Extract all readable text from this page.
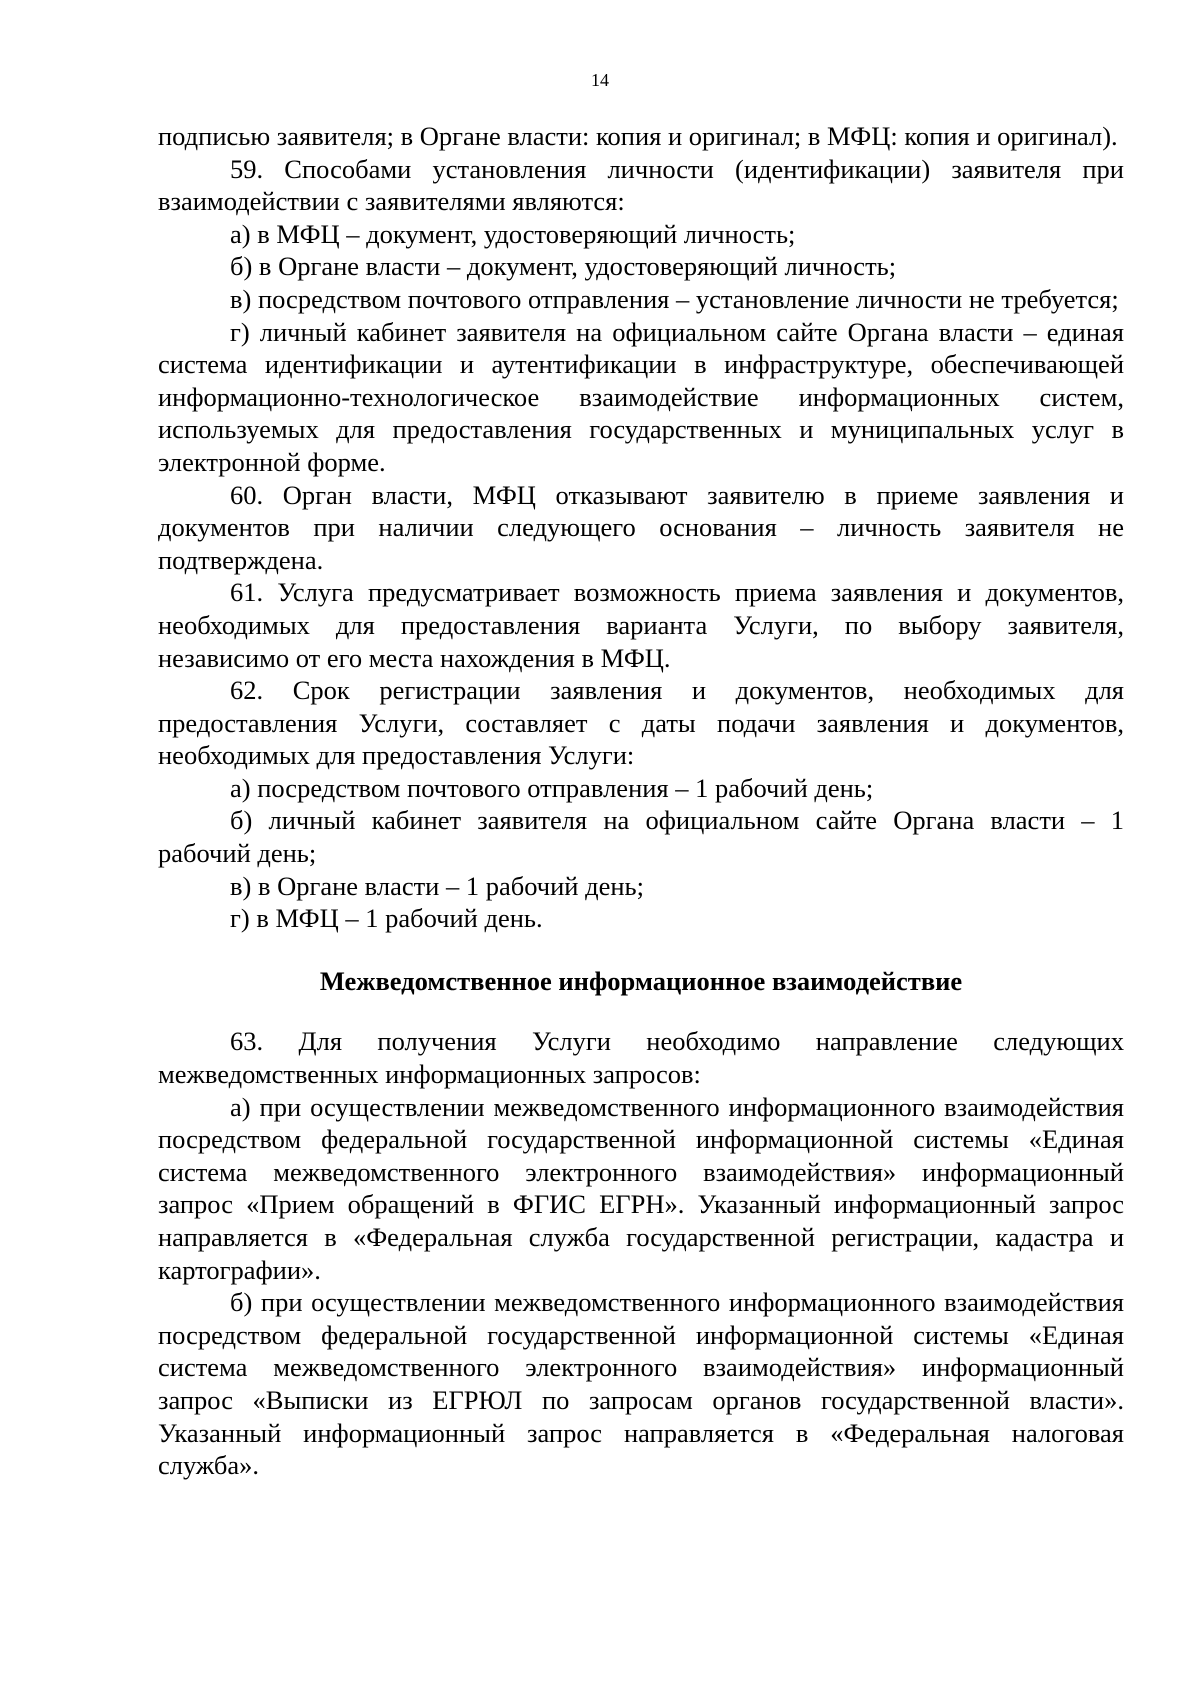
14

подписью заявителя; в Органе власти: копия и оригинал; в МФЦ: копия и оригинал).

59. Способами установления личности (идентификации) заявителя при взаимодействии с заявителями являются:

а) в МФЦ – документ, удостоверяющий личность;

б) в Органе власти – документ, удостоверяющий личность;

в) посредством почтового отправления – установление личности не требуется;

г) личный кабинет заявителя на официальном сайте Органа власти – единая система идентификации и аутентификации в инфраструктуре, обеспечивающей информационно-технологическое взаимодействие информационных систем, используемых для предоставления государственных и муниципальных услуг в электронной форме.

60. Орган власти, МФЦ отказывают заявителю в приеме заявления и документов при наличии следующего основания – личность заявителя не подтверждена.

61. Услуга предусматривает возможность приема заявления и документов, необходимых для предоставления варианта Услуги, по выбору заявителя, независимо от его места нахождения в МФЦ.

62. Срок регистрации заявления и документов, необходимых для предоставления Услуги, составляет с даты подачи заявления и документов, необходимых для предоставления Услуги:

а) посредством почтового отправления – 1 рабочий день;

б) личный кабинет заявителя на официальном сайте Органа власти – 1 рабочий день;

в) в Органе власти – 1 рабочий день;

г) в МФЦ – 1 рабочий день.

Межведомственное информационное взаимодействие

63. Для получения Услуги необходимо направление следующих межведомственных информационных запросов:

а) при осуществлении межведомственного информационного взаимодействия посредством федеральной государственной информационной системы «Единая система межведомственного электронного взаимодействия» информационный запрос «Прием обращений в ФГИС ЕГРН». Указанный информационный запрос направляется в «Федеральная служба государственной регистрации, кадастра и картографии».

б) при осуществлении межведомственного информационного взаимодействия посредством федеральной государственной информационной системы «Единая система межведомственного электронного взаимодействия» информационный запрос «Выписки из ЕГРЮЛ по запросам органов государственной власти». Указанный информационный запрос направляется в «Федеральная налоговая служба».
